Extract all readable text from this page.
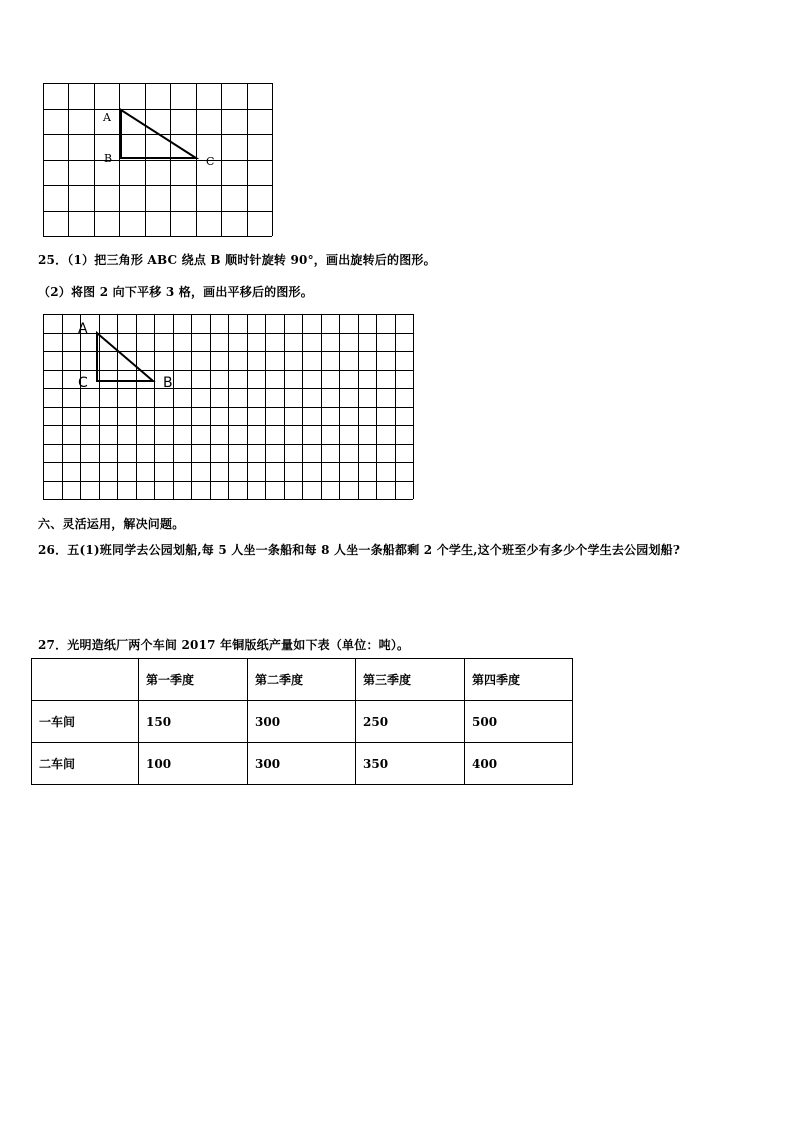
A
B	C
25．（1）把三角形 ABC 绕点 B 顺时针旋转 90°，画出旋转后的图形。
（2）将图 2 向下平移 3 格，画出平移后的图形。
A
C	B
六、灵活运用，解决问题。
26．五(1)班同学去公园划船,每 5 人坐一条船和每 8 人坐一条船都剩 2 个学生,这个班至少有多少个学生去公园划船?
27．光明造纸厂两个车间 2017 年铜版纸产量如下表（单位：吨）。
	第一季度	第二季度	第三季度	第四季度
一车间	150	300	250	500
二车间	100	300	350	400
